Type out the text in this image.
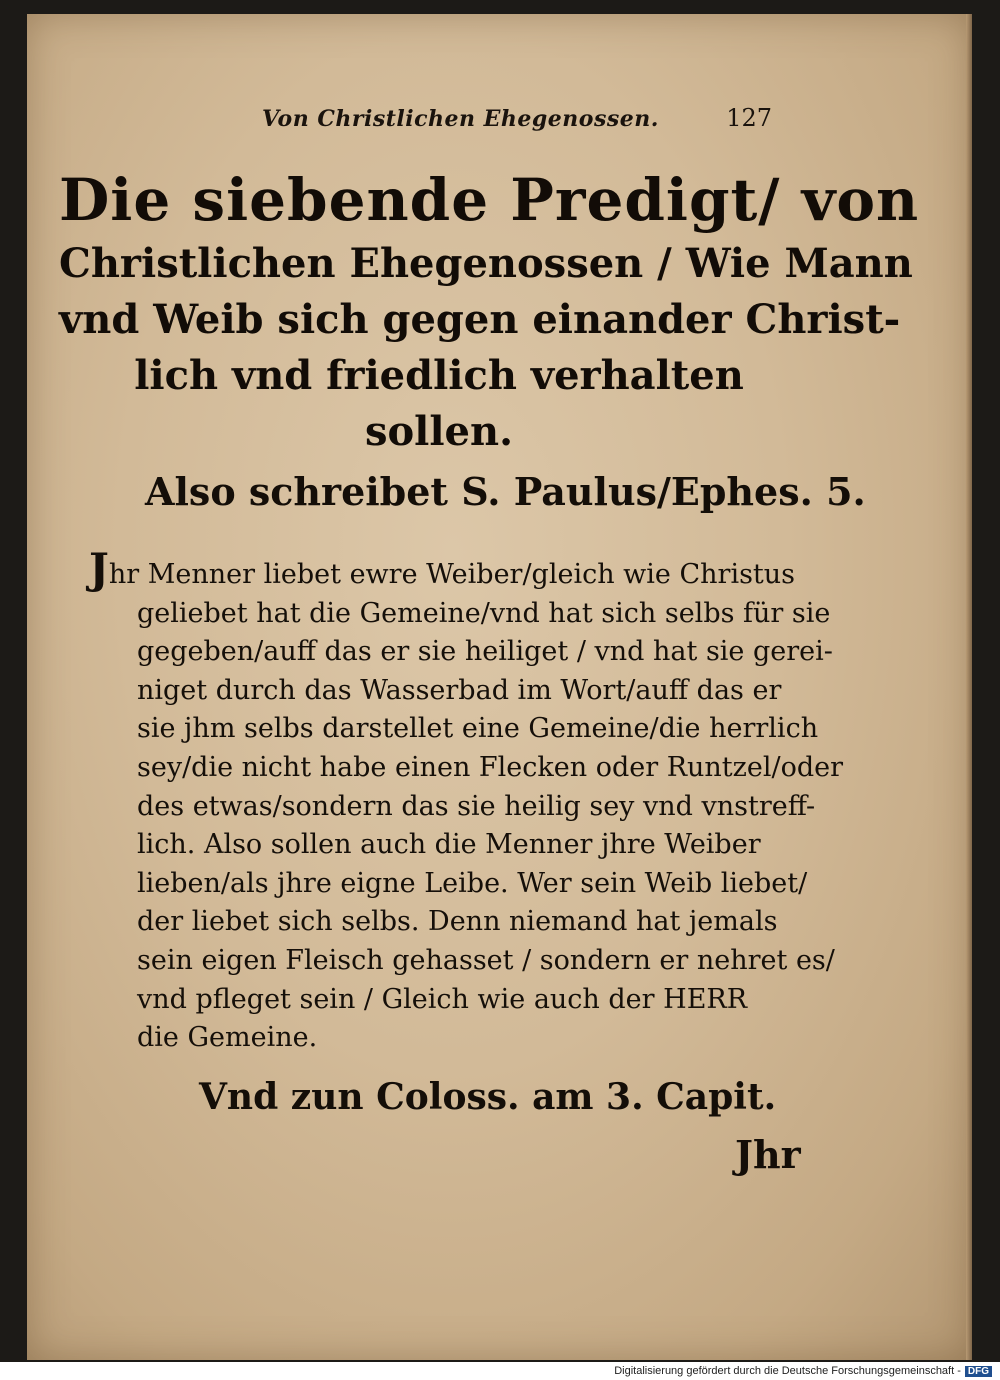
Von Christlichen Ehegenossen.	127
Die siebende Predigt/ von
Christlichen Ehegenossen / Wie Mann
vnd Weib sich gegen einander Christ-
lich vnd friedlich verhalten
sollen.
Also schreibet S. Paulus/Ephes. 5.
Jhr Menner liebet ewre Weiber/gleich wie Christus
geliebet hat die Gemeine/vnd hat sich selbs für sie
gegeben/auff das er sie heiliget / vnd hat sie gerei-
niget durch das Wasserbad im Wort/auff das er
sie jhm selbs darstellet eine Gemeine/die herrlich
sey/die nicht habe einen Flecken oder Runtzel/oder
des etwas/sondern das sie heilig sey vnd vnstreff-
lich. Also sollen auch die Menner jhre Weiber
lieben/als jhre eigne Leibe. Wer sein Weib liebet/
der liebet sich selbs. Denn niemand hat jemals
sein eigen Fleisch gehasset / sondern er nehret es/
vnd pfleget sein / Gleich wie auch der HERR
die Gemeine.
Vnd zun Coloss. am 3. Capit.
Jhr
Digitalisierung gefördert durch die Deutsche Forschungsgemeinschaft - DFG
